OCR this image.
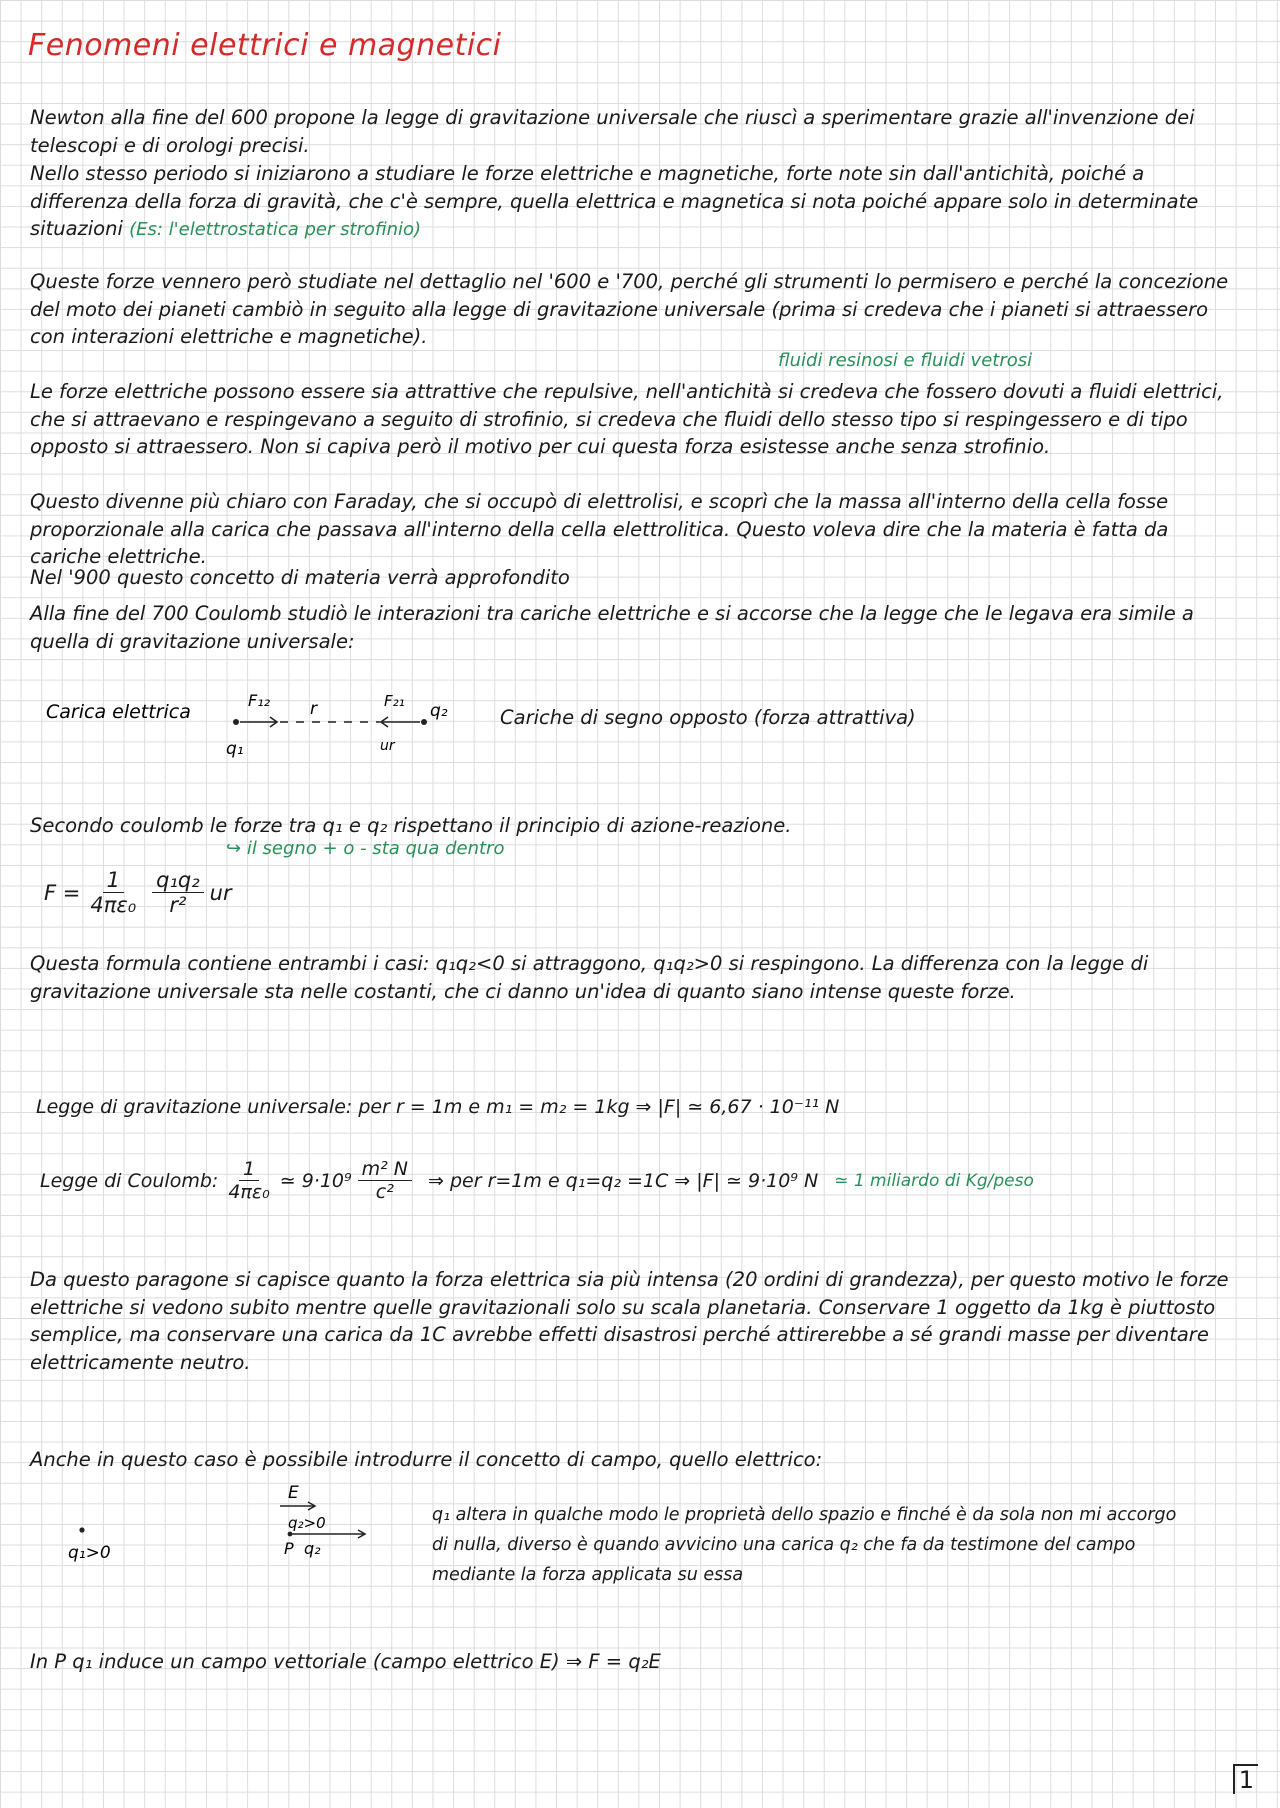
Fenomeni elettrici e magnetici
Newton alla fine del 600 propone la legge di gravitazione universale che riuscì a sperimentare grazie all'invenzione dei telescopi e di orologi precisi.
Nello stesso periodo si iniziarono a studiare le forze elettriche e magnetiche, forte note sin dall'antichità, poiché a differenza della forza di gravità, che c'è sempre, quella elettrica e magnetica si nota poiché appare solo in determinate situazioni (Es: l'elettrostatica per strofinio)
Queste forze vennero però studiate nel dettaglio nel '600 e '700, perché gli strumenti lo permisero e perché la concezione del moto dei pianeti cambiò in seguito alla legge di gravitazione universale (prima si credeva che i pianeti si attraessero con interazioni elettriche e magnetiche).
fluidi resinosi e fluidi vetrosi
Le forze elettriche possono essere sia attrattive che repulsive, nell'antichità si credeva che fossero dovuti a fluidi elettrici, che si attraevano e respingevano a seguito di strofinio, si credeva che fluidi dello stesso tipo si respingessero e di tipo opposto si attraessero. Non si capiva però il motivo per cui questa forza esistesse anche senza strofinio.
Questo divenne più chiaro con Faraday, che si occupò di elettrolisi, e scoprì che la massa all'interno della cella fosse proporzionale alla carica che passava all'interno della cella elettrolitica. Questo voleva dire che la materia è fatta da cariche elettriche.
Nel '900 questo concetto di materia verrà approfondito
Alla fine del 700 Coulomb studiò le interazioni tra cariche elettriche e si accorse che la legge che le legava era simile a quella di gravitazione universale:
Carica elettrica
F₁₂ r	F₂₁ q₂
q₁	ur
Cariche di segno opposto (forza attrattiva)
Secondo coulomb le forze tra q₁ e q₂ rispettano il principio di azione-reazione.
↪ il segno + o - sta qua dentro
$F = \frac{1}{\text{4πε₀}} \frac{\text{q₁q₂}}{\text{r²}}$ ur
Questa formula contiene entrambi i casi: q₁q₂<0 si attraggono, q₁q₂>0 si respingono. La differenza con la legge di gravitazione universale sta nelle costanti, che ci danno un'idea di quanto siano intense queste forze.
Legge di gravitazione universale: per r = 1m e m₁ = m₂ = 1kg ⇒ |F| ≃ 6,67 · 10⁻¹¹ N
Legge di Coulomb: $\frac{1}{\text{4πε₀}}$ ≃ $9\cdot 10^9 \frac{\text{m² N}}{\text{c²}}$ ⇒ per r=1m e q₁=q₂ =1C ⇒ |F| ≃ 9·10⁹ N ≃ 1 miliardo di Kg/peso
Da questo paragone si capisce quanto la forza elettrica sia più intensa (20 ordini di grandezza), per questo motivo le forze elettriche si vedono subito mentre quelle gravitazionali solo su scala planetaria. Conservare 1 oggetto da 1kg è piuttosto semplice, ma conservare una carica da 1C avrebbe effetti disastrosi perché attirerebbe a sé grandi masse per diventare elettricamente neutro.
Anche in questo caso è possibile introdurre il concetto di campo, quello elettrico:
q₁>0
E
q₂>0
P q₂
q₁ altera in qualche modo le proprietà dello spazio e finché è da sola non mi accorgo di nulla, diverso è quando avvicino una carica q₂ che fa da testimone del campo mediante la forza applicata su essa
In P q₁ induce un campo vettoriale (campo elettrico E) ⇒ F = q₂E
1
